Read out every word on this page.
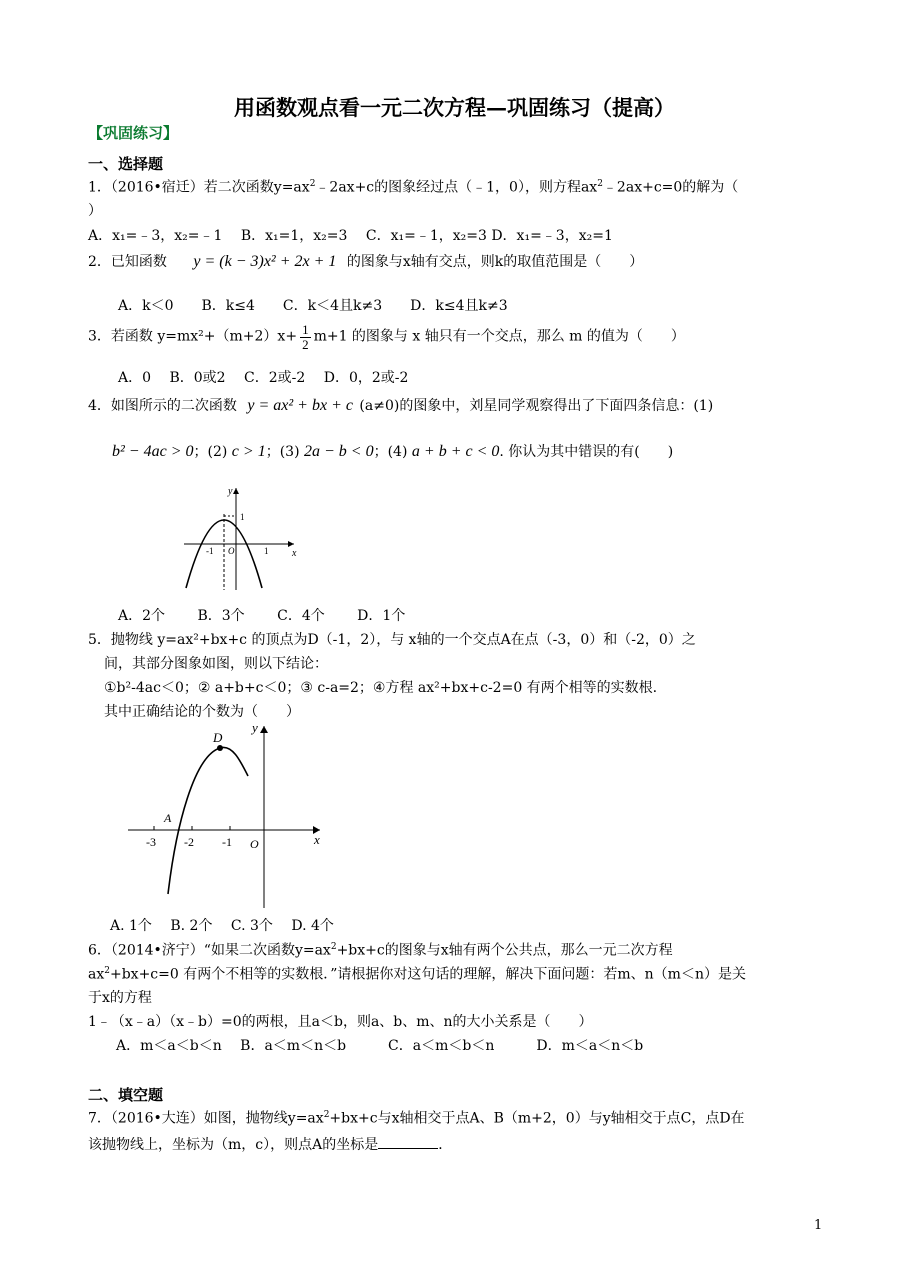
用函数观点看一元二次方程—巩固练习（提高）
【巩固练习】
一、选择题
1．（2016•宿迁）若二次函数$y=ax^2﹣2ax+c$的图象经过点（﹣1，0），则方程$ax^2﹣2ax+c=0$的解为（
）
A．x₁=﹣3，x₂=﹣1　 B．x₁=1，x₂=3　 C．x₁=﹣1，x₂=3 D．x₁=﹣3，x₂=1
2．已知函数 y = (k − 3)x² + 2x + 1 的图象与x轴有交点，则k的取值范围是（　　）
A．k＜0　　B．k≤4　　C．k＜4且k≠3　　D．k≤4且k≠3
3．若函数 $y=mx^2+(m+2)x+ \frac{1}{2} m+1$ 的图象与 x 轴只有一个交点，那么 m 的值为（　　）
A．0　 B．0或2　 C．2或-2　 D．0，2或-2
4．如图所示的二次函数 y = ax² + bx + c (a≠0)的图象中，刘星同学观察得出了下面四条信息：(1)
b² − 4ac > 0；(2) c > 1；(3) 2a − b < 0；(4) a + b + c < 0. 你认为其中错误的有(　　)
y
x
1
-1 O	1
A．2个　　 B．3个　　 C．4个　　 D．1个
5．抛物线 y=ax²+bx+c 的顶点为D（-1，2），与 x轴的一个交点A在点（-3，0）和（-2，0）之
间，其部分图象如图，则以下结论：
①b²-4ac＜0；② a+b+c＜0；③ c-a=2；④方程 ax²+bx+c-2=0 有两个相等的实数根.
其中正确结论的个数为（　　）
D
y
A
x
-3 -2 -1 O
A. 1个　 B. 2个　 C. 3个　 D. 4个
6．（2014•济宁）“如果二次函数$y=ax^2+bx+c$的图象与x轴有两个公共点，那么一元二次方程
$ax^2+bx+c=0$ 有两个不相等的实数根．”请根据你对这句话的理解，解决下面问题：若m、n（m＜n）是关
于x的方程
1﹣（x﹣a）（x﹣b）=0的两根，且a＜b，则a、b、m、n的大小关系是（　　）
A．m＜a＜b＜n　 B．a＜m＜n＜b　　　C．a＜m＜b＜n　　　D．m＜a＜n＜b
二、填空题
7．（2016•大连）如图，抛物线$y=ax^2+bx+c$与x轴相交于点A、B（m+2，0）与y轴相交于点C，点D在
该抛物线上，坐标为（m，c），则点A的坐标是	．
1
